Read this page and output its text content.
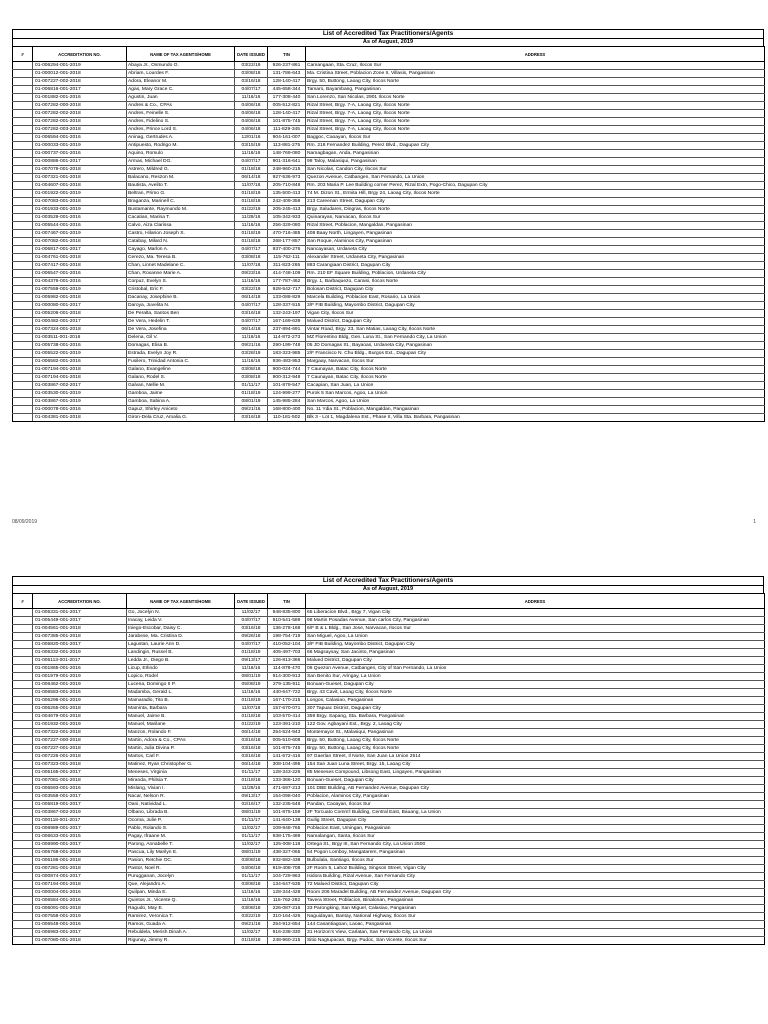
List of Accredited Tax Practitioners/Agents
As of August, 2019
#	ACCREDITATION NO.	NAME OF TAX AGENTS/HOME	DATE ISSUED	TIN	ADDRESS
	01-006294-001-2019	Abaya Jr., Osmundo O.	03/22/19	926-237-861	Camangaan, Sta. Cruz, Ilocos Sur
	01-000012-001-2018	Abriam, Lourdes F.	03/08/18	131-786-643	Ma. Cristina Street, Poblacion Zone II, Villasis, Pangasinan
	01-007227-002-2018	Adora, Eleanor M.	03/16/18	128-140-417	Brgy. 50, Buttong, Laoag City, Ilocos Norte
	01-006816-001-2017	Agas, Mary Grace C.	04/07/17	445-658-344	Tamaro, Bayambang, Pangasinan
	01-001882-001-2016	Agustin, Juan	11/16/16	177-308-440	San Lorenzo, San Nicolas, 2901 Ilocos Norte
	01-007282-000-2018	Andres & Co., CPAs	04/06/18	005-512-821	Rizal Street, Brgy. 7-A, Laoag City, Ilocos Norte
	01-007282-002-2018	Andres, Feinelle S.	04/06/18	128-140-417	Rizal Street, Brgy. 7-A, Laoag City, Ilocos Norte
	01-007282-001-2018	Andres, Fidelino S.	04/06/18	101-875-745	Rizal Street, Brgy. 7-A, Laoag City, Ilocos Norte
	01-007282-003-2018	Andres, Prince Lord S.	04/06/18	111-829-345	Rizal Street, Brgy. 7-A, Laoag City, Ilocos Norte
	01-006594-001-2016	Aninag, Gertrudes A.	12/01/16	904-161-007	Baggoc, Caoayan, Ilocos Sur
	01-000033-001-2019	Antipuesto, Rodrigo M.	03/15/19	113-881-275	Rm. 218 Fernandez Building, Perez Blvd., Dagupan City
	01-000737-001-2016	Aquino, Romulo	11/16/16	148-769-080	Namagbagan, Anda, Pangasinan
	01-000886-001-2017	Armas, Michael DG.	04/07/17	901-316-641	98 Taloy, Malasiqui, Pangasinan
	01-007079-001-2018	Astrero, Mildred G.	01/18/18	248-960-215	San Nicolas, Candon City, Ilocos Sur
	01-007321-001-2018	Balacano, Reszon M.	06/14/18	927-536-973	Quezon Avenue, Catbangen, San Fernando, La Union
	01-004607-001-2018	Bautista, Avelito T.	11/07/18	205-710-848	Rm. 203 Maria P. Lee Building corner Perez, Rizal Extn, Pogo-Chico, Dagupan City
	01-001922-001-2019	Beltran, Primo G.	01/18/19	135-500-413	74 M. Dizon St., Ermita Hill, Brgy 24, Laoag City, Ilocos Norte
	01-007083-001-2018	Braganza, Marinell C.	01/18/18	242-409-358	213 Careenan Street, Dagupan City
	01-001933-001-2019	Bustamante, Raymundo M.	01/22/19	205-245-413	Brgy. Saludares, Dingras, Ilocos Norte
	01-003529-001-2016	Cacatian, Marina T.	11/29/16	105-342-933	Quinarayan, Narvacan, Ilocos Sur
	01-005544-001-2016	Calvo, Aiza Clarissa	11/16/16	256-329-080	Rizal Street, Poblacion, Mangaldan, Pangasinan
	01-007467-001-2019	Castro, Hilarion Joseph S.	01/18/19	470-716-485	408 Baay North, Lingayen, Pangasinan
	01-007082-001-2018	Catabay, Milard N.	01/18/18	268-177-857	San Roque, Alaminos City, Pangasinan
	01-006817-001-2017	Cayago, Marlon A.	04/07/17	937-400-276	Nancayasan, Urdaneta City
	01-004761-001-2018	Cerezo, Ma. Teresa B.	03/08/18	115-762-111	Alexander Street, Urdaneta City, Pangasinan
	01-007417-001-2018	Chan, Linnet Madelane C.	11/07/18	311-823-265	883 Carangiaan District, Dagupan City
	01-006547-001-2016	Chan, Roxanne Marie A.	09/23/16	414-748-109	Rm. 210 EF Square Building, Poblacion, Urdaneta City
	01-004376-001-2016	Corpuz, Evelyn S.	11/16/16	177-787-462	Brgy. 1, Barbaquezo, Caraisi, Ilocos Norte
	01-007559-001-2019	Cristobal, Eric F.	03/22/19	928-542-717	Bolosan District, Dagupan City
	01-005982-001-2018	Dacanay, Josephine B.	06/14/18	133-088-829	Marcela Building, Poblacion East, Rosario, La Union
	01-000080-001-2017	Daroya, Juvelita N.	04/07/17	128-337-515	3/F FIB Building, Mayombo District, Dagupan City
	01-005206-001-2018	De Peralta, Santos Ben	03/16/18	132-243-197	Vigan City, Ilocos Sur
	01-000482-001-2017	De Vera, Hedelin T.	04/07/17	167-169-639	Malued District, Dagupan City
	01-007324-001-2018	De Vera, Josefina	06/14/18	237-894-691	Vintar Road, Brgy. 23, San Matias, Laoag City, Ilocos Norte
	01-003511-001-2016	Delena, Gil V.	11/16/16	114-872-273	MZ Florentino Bldg, Gen. Luna St., San Fernando City, La Union
	01-005738-001-2016	Domagas, Elisa B.	09/21/16	290-199-748	05 JD Domagas St., Bayaoas, Urdaneta City, Pangasinan
	01-005522-001-2019	Estrada, Evelyn Joy R.	03/28/19	183-323-985	2/F Francisco N. Chu Bldg., Burgos Ext., Dagupan City
	01-006582-001-2016	Fusilero, Trinidad Antonia C.	11/16/16	936-483-953	Margaay, Narvacan, Ilocos Sur
	01-007194-001-2018	Galano, Evangeline	03/08/18	900-024-744	7 Caunayan, Batac City, Ilocos Norte
	01-007194-001-2018	Galano, Rodel S.	03/08/18	900-312-948	7 Caunayan, Batac City, Ilocos Norte
	01-003867-002-2017	Galvan, Nellie M.	01/11/17	101-879-547	Cacapian, San Juan, La Union
	01-003530-001-2019	Gamboa, Jaime	01/18/19	124-999-277	Purok 5 San Marcos, Agoo, La Union
	01-003867-001-2019	Gamboa, Sabina A.	08/01/19	145-985-284	San Marcos, Agoo, La Union
	01-000078-001-2016	Gapuz, Shirley Aniceto	09/21/16	168-800-400	No. 11 Ydia St., Poblacion, Mangaldan, Pangasinan
	01-004381-001-2018	Giron-Dela Cruz, Amalia G.	03/16/18	110-181-502	Blk 3 - Lot 1, Magdalena Est., Phase II, Villa Sta. Barbara, Pangasinan
08/09/2019	1
List of Accredited Tax Practitioners/Agents
As of August, 2019
#	ACCREDITATION NO.	NAME OF TAX AGENTS/HOME	DATE ISSUED	TIN	ADDRESS
	01-005331-001-2017	Go, Jocelyn N.	11/02/17	948-835-800	65 Liberacion Blvd., Brgy 7, Vigan City
	01-005449-001-2017	Inacay, Leida V.	04/07/17	910-541-589	98 Martin Posadas Avenue, San carlos City, Pangasinan
	01-004561-001-2018	Iniego-Escobar, Daisy C.	03/16/18	136-278-168	6/F B & L Bldg., San Jose, Narvacan, Ilocos Sur
	01-007385-001-2018	Jarabese, Ma. Cristina D.	09/26/18	198-754-719	San Miguel, Agoo, La Union
	01-005820-001-2017	Lagustan, Laurie Ann D.	04/07/17	410-052-104	3/F FIB Building, Mayombo District, Dagupan City
	01-005332-001-2019	Landingin, Russel B.	01/18/19	405-497-703	66 Magsaysay, San Jacinto, Pangasinan
	01-005113-001-2017	Ledda Jr., Diego B.	09/13/17	126-813-366	Malued District, Dagupan City
	01-001865-001-2016	Licup, Erlindo	11/16/16	114-878-470	06 Quezon Avenue, Catbangen, City of San Fernando, La Union
	01-001979-001-2019	Lopico, Rodel	08/01/19	914-300-913	San Benito Sur, Aringay, La Union
	01-006462-001-2019	Lucena, Domingo II P.	05/08/19	279-135-911	Bonuan-Gueset, Dagupan City
	01-006583-001-2016	Madamba, Gerald L.	11/16/16	440-647-722	Brgy. 43 Cavit, Laoag City, Ilocos Norte
	01-006296-001-2019	Mamaradlo, Tito B.	01/18/19	167-170-215	Longos, Calasiao, Pangasinan
	01-006255-001-2018	Maminta, Barbara	11/07/18	157-670-071	307 Tapuac District, Dagupan City
	01-004679-001-2018	Manuel, Jaime B.	01/18/18	103-570-414	359 Brgy. Sapang, Sta. Barbara, Pangasinan
	01-001932-001-2019	Manuel, Marilane	01/22/19	123-391-210	122 Gov. Agbayani Ext., Brgy. 2, Laoag City
	01-007322-001-2018	Manzon, Rolando F.	06/14/18	254-524-943	Montemayor St., Malasiqui, Pangasinan
	01-007227-000-2018	Martin, Adora & Co., CPAs	03/16/18	005-510-608	Brgy. 50, Buttong, Laoag City, Ilocos Norte
	01-007227-001-2018	Martin, Julia Divina P.	03/16/18	101-875-745	Brgy. 50, Buttong, Laoag City, Ilocos Norte
	01-007226-001-2018	Martos, Carl F.	03/16/18	141-672-416	97 Gaerlan Street, Il Norte, San Juan La Union 2514
	01-007323-001-2018	Matinez, Ryan Christopher G.	06/14/18	308-104-495	154 San Juan Luna Street, Brgy. 15, Laoag City
	01-005165-001-2017	Meneses, Virginia	01/11/17	128-343-226	85 Meneses Compound, Libsong East, Lingayen, Pangasinan
	01-007081-001-2018	Miranda, Philsia T.	01/18/18	133-366-120	Bonuan-Gueset, Dagupan City
	01-006593-001-2016	Mislang, Vivian I.	11/29/16	471-597-213	101 DBE Building, AB Fernandez Avenue, Dagupan City
	01-003558-001-2017	Nacar, Nelson R.	09/13/17	154-098-040	Poblacion, Alaminos City, Pangasinan
	01-005819-001-2017	Oani, Natividad L.	02/16/17	132-235-548	Pandan, Caoayan, Ilocos Sur
	01-003867-002-2019	Olbano, Librada B.	08/01/19	101-875-159	2F Torcuato Comm'l Building, Central East, Bauang, La Union
	01-000118-001-2017	Ocoma, Julie P.	01/11/17	141-640-138	Guilig Street, Dagupan City
	01-006989-001-2017	Pablo, Rolando S.	11/02/17	109-948-765	Poblacion East, Umingan, Pangasinan
	01-006633-001-2015	Pagay, Ifraane M.	01/11/17	938-175-489	Namalangan, Santa, Ilocos Sur
	01-006990-001-2017	Parong, Annabelle T.	11/02/17	125-008-118	Ortega St., Brgy III, San Fernando City, La Union 2500
	01-005768-001-2019	Pascua, Lily Marilyn E.	08/01/19	438-327-065	54 Pogon Lomboy, Mangatarem, Pangasinan
	01-006186-001-2018	Pasion, Retchie OC.	03/08/18	932-582-438	Bulbulala, Santiago, Ilocos Sur
	01-007281-001-2018	Pastor, Noel R.	04/06/18	919-408-708	2F Room 5, Lahoz Building, Singson Street, Vigan City
	01-000874-001-2017	Purugganan, Jocelyn	01/11/17	104-729-963	Isidora Building, Rizal Avenue, San Fernando City
	01-007194-001-2018	Que, Alejandro A.	03/08/18	134-647-535	72 Malued District, Dagupan City
	01-000004-001-2016	Quilpan, Minda E.	11/16/16	128-344-428	Room 206 Maradel Building, AB Fernandez Avenue, Dagupan City
	01-006584-001-2016	Quintos Jr., Vicente Q.	11/16/16	115-762-282	Tavera Street, Poblacion, Binalonan, Pangasinan
	01-006091-001-2018	Ragudo, May E.	03/08/18	226-087-216	33 Parongking, San Miguel, Calasiao, Pangasinan
	01-007558-001-2019	Ramirez, Veronica T.	03/22/19	310-164-426	Naguidayan, Bantay, National Highway, Ilocos Sur
	01-006548-001-2016	Ramos, Guada A.	09/21/16	254-912-654	144 Casantiagoan, Laoac, Pangasinan
	01-005983-001-2017	Rebuldela, Merish Dinah A.	11/02/17	916-238-330	31 Horizon's View, Carlatan, San Fernando City, La Union
	01-007080-001-2018	Rigunay, Jimmy R.	01/18/18	248-960-215	Sitio Nagtupacan, Brgy. Pudoc, San Vicente, Ilocos Sur
